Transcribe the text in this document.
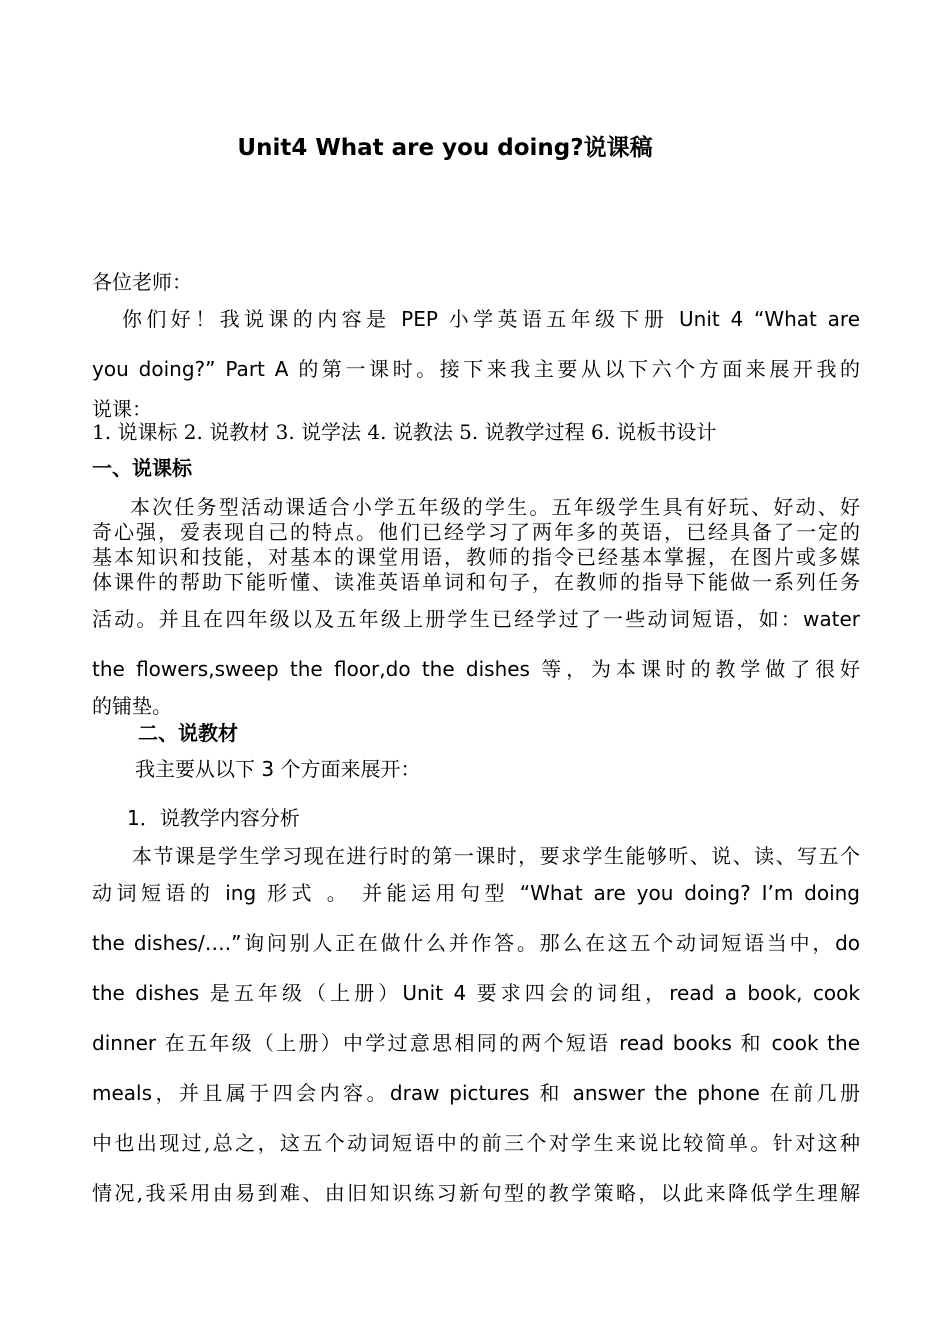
Unit4 What are you doing?说课稿
各位老师：
你们好！我说课的内容是 PEP 小学英语五年级下册 Unit 4 “What are
you doing?” Part A 的第一课时。接下来我主要从以下六个方面来展开我的
说课：
1. 说课标 2. 说教材 3. 说学法 4. 说教法 5. 说教学过程 6. 说板书设计
一、说课标
本次任务型活动课适合小学五年级的学生。五年级学生具有好玩、好动、好
奇心强，爱表现自己的特点。他们已经学习了两年多的英语，已经具备了一定的
基本知识和技能，对基本的课堂用语，教师的指令已经基本掌握，在图片或多媒
体课件的帮助下能听懂、读准英语单词和句子，在教师的指导下能做一系列任务
活动。并且在四年级以及五年级上册学生已经学过了一些动词短语，如：water
the flowers,sweep the floor,do the dishes 等，为本课时的教学做了很好
的铺垫。
二、说教材
我主要从以下 3 个方面来展开：
1．说教学内容分析
本节课是学生学习现在进行时的第一课时，要求学生能够听、说、读、写五个
动词短语的 ing 形式 。 并能运用句型 “What are you doing? I’m doing
the dishes/….”询问别人正在做什么并作答。那么在这五个动词短语当中，do
the dishes 是五年级（上册）Unit 4 要求四会的词组，read a book, cook
dinner 在五年级（上册）中学过意思相同的两个短语 read books 和 cook the
meals，并且属于四会内容。draw pictures 和 answer the phone 在前几册
中也出现过,总之，这五个动词短语中的前三个对学生来说比较简单。针对这种
情况,我采用由易到难、由旧知识练习新句型的教学策略，以此来降低学生理解
